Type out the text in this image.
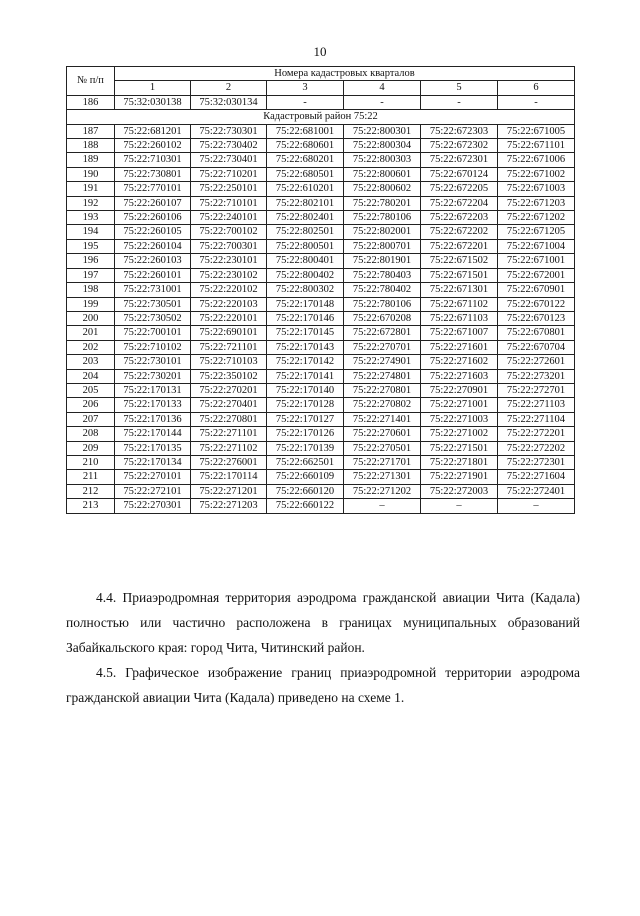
10
№ п/п	Номера кадастровых кварталов					
	1	2	3	4	5	6
186	75:32:030138	75:32:030134	-	-	-	-
Кадастровый район 75:22						
187	75:22:681201	75:22:730301	75:22:681001	75:22:800301	75:22:672303	75:22:671005
188	75:22:260102	75:22:730402	75:22:680601	75:22:800304	75:22:672302	75:22:671101
189	75:22:710301	75:22:730401	75:22:680201	75:22:800303	75:22:672301	75:22:671006
190	75:22:730801	75:22:710201	75:22:680501	75:22:800601	75:22:670124	75:22:671002
191	75:22:770101	75:22:250101	75:22:610201	75:22:800602	75:22:672205	75:22:671003
192	75:22:260107	75:22:710101	75:22:802101	75:22:780201	75:22:672204	75:22:671203
193	75:22:260106	75:22:240101	75:22:802401	75:22:780106	75:22:672203	75:22:671202
194	75:22:260105	75:22:700102	75:22:802501	75:22:802001	75:22:672202	75:22:671205
195	75:22:260104	75:22:700301	75:22:800501	75:22:800701	75:22:672201	75:22:671004
196	75:22:260103	75:22:230101	75:22:800401	75:22:801901	75:22:671502	75:22:671001
197	75:22:260101	75:22:230102	75:22:800402	75:22:780403	75:22:671501	75:22:672001
198	75:22:731001	75:22:220102	75:22:800302	75:22:780402	75:22:671301	75:22:670901
199	75:22:730501	75:22:220103	75:22:170148	75:22:780106	75:22:671102	75:22:670122
200	75:22:730502	75:22:220101	75:22:170146	75:22:670208	75:22:671103	75:22:670123
201	75:22:700101	75:22:690101	75:22:170145	75:22:672801	75:22:671007	75:22:670801
202	75:22:710102	75:22:721101	75:22:170143	75:22:270701	75:22:271601	75:22:670704
203	75:22:730101	75:22:710103	75:22:170142	75:22:274901	75:22:271602	75:22:272601
204	75:22:730201	75:22:350102	75:22:170141	75:22:274801	75:22:271603	75:22:273201
205	75:22:170131	75:22:270201	75:22:170140	75:22:270801	75:22:270901	75:22:272701
206	75:22:170133	75:22:270401	75:22:170128	75:22:270802	75:22:271001	75:22:271103
207	75:22:170136	75:22:270801	75:22:170127	75:22:271401	75:22:271003	75:22:271104
208	75:22:170144	75:22:271101	75:22:170126	75:22:270601	75:22:271002	75:22:272201
209	75:22:170135	75:22:271102	75:22:170139	75:22:270501	75:22:271501	75:22:272202
210	75:22:170134	75:22:276001	75:22:662501	75:22:271701	75:22:271801	75:22:272301
211	75:22:270101	75:22:170114	75:22:660109	75:22:271301	75:22:271901	75:22:271604
212	75:22:272101	75:22:271201	75:22:660120	75:22:271202	75:22:272003	75:22:272401
213	75:22:270301	75:22:271203	75:22:660122	–	–	–
4.4. Приаэродромная территория аэродрома гражданской авиации Чита (Кадала) полностью или частично расположена в границах муниципальных образований Забайкальского края: город Чита, Читинский район.
4.5. Графическое изображение границ приаэродромной территории аэродрома гражданской авиации Чита (Кадала) приведено на схеме 1.
